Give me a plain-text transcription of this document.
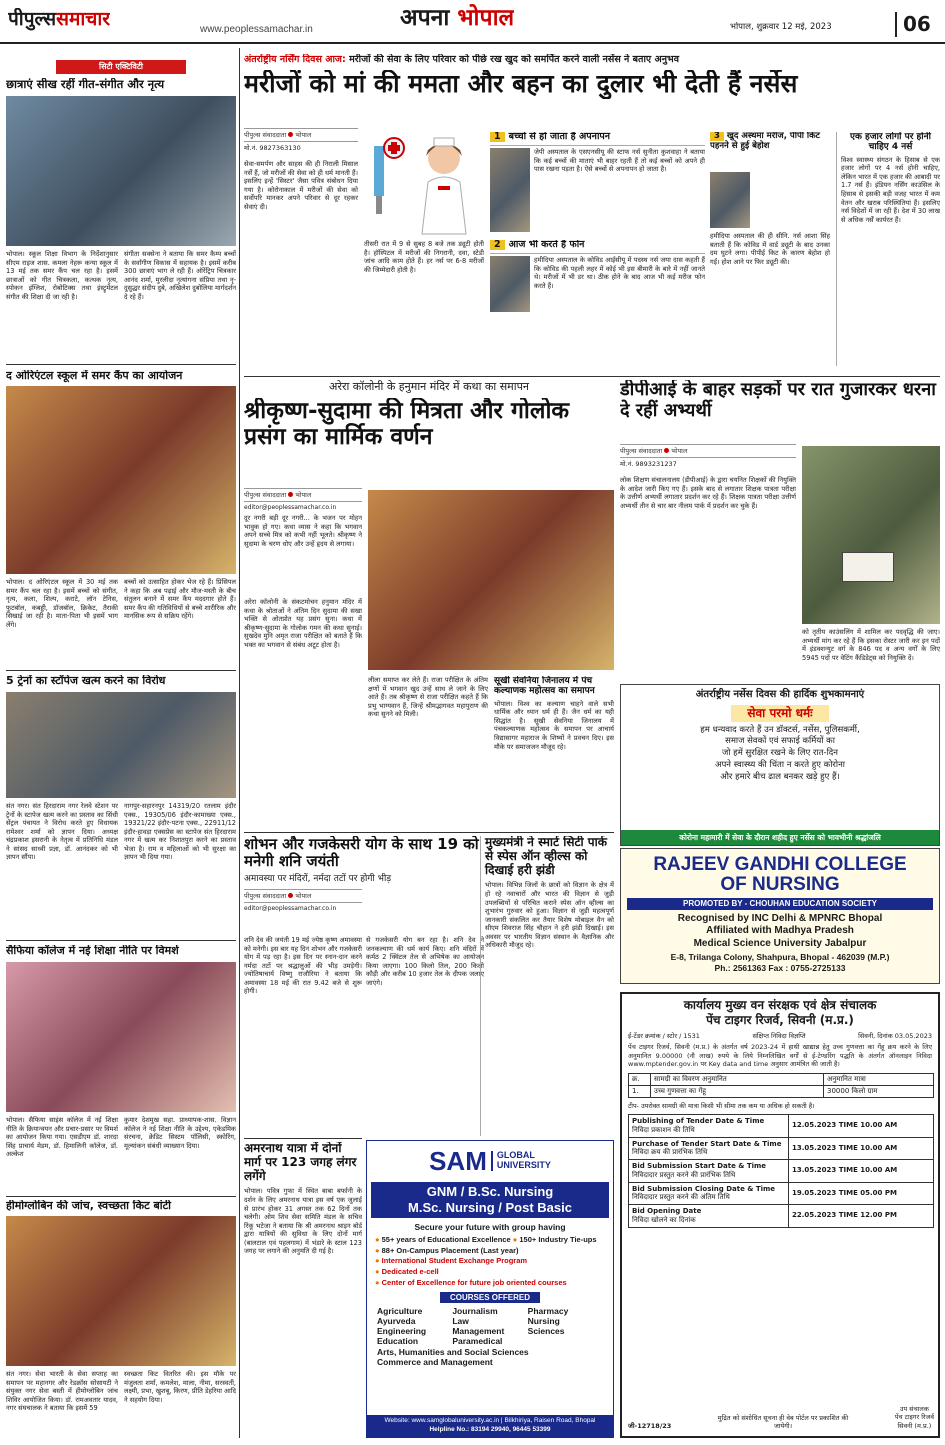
पीपुल्ससमाचार	www.peoplessamachar.in	अपना भोपाल	भोपाल, शुक्रवार 12 मई, 2023	06
सिटी एक्टिविटी
छात्राएं सीख रहीं गीत-संगीत और नृत्य
भोपाल। स्कूल शिक्षा विभाग के निर्देशानुसार सीएम राइज शास. कमला नेहरू कन्या स्कूल में 13 मई तक समर कैंप चल रहा है। इसमें छात्राओं को गीत चित्रकला, कत्थक नृत्य, स्पोकन इंग्लिश, रोबोटिक्स तथा इंस्ट्रूमेंटल संगीत की शिक्षा दी जा रही है।
संगीता सक्सेना ने बताया कि समर कैम्प बच्चों के सर्वांगीण विकास में सहायक है। इसमें करीब 300 छात्राएं भाग ले रही हैं। ऑरेंट्रिप चित्रकार आनंद शर्मा, मुरलीदा नृत्यांगना संप्रिया तथा नृ-दुसुद्धर संदीप दुबे, अखिलेश दुबोलिया मार्गदर्शन दे रहे हैं।
द ओरिएंटल स्कूल में समर कैंप का आयोजन
भोपाल। द ओरिएंटल स्कूल में 30 मई तक समर कैंप चल रहा है। इसमें बच्चों को संगीत, नृत्य, कला, शिल्प, कराटे, लॉन टेनिस, फुटबॉल, कबड्डी, डॉजबॉल, क्रिकेट, तैराकी सिखाई जा रही है। माता-पिता भी इसमें भाग लेंगे।
बच्चों को उत्साहित होकर भेज रहे हैं। प्रिंसिपल ने कहा कि अब पढ़ाई और मौज-मस्ती के बीच संतुलन बनाने में समर कैंप मददगार होते हैं। समर कैंप की गतिविधियों से बच्चे शारीरिक और मानसिक रूप से सक्रिय रहेंगे।
5 ट्रेनों का स्टॉपेज खत्म करने का विरोध
संत नगर। संत हिरदाराम नगर रेलवे स्टेशन पर ट्रेनों के स्टापेज खत्म करने का प्रस्ताव का सिंधी सेंट्रल पंचायत ने विरोध करते हुए विधायक रामेश्वर शर्मा को ज्ञापन दिया। अध्यक्ष चंद्रप्रकाश इसरानी के नेतृत्व में प्रतिनिधि मंडल ने सांसद साध्वी प्रज्ञा, डॉ. आनंदकर को भी ज्ञापन सौंपा।
नागपुर-सहारनपुर 14319/20 रतलाम इंदौर एक्स., 19305/06 इंदौर-कामाख्या एक्स., 19321/22 इंदौर-पटना एक्स., 22911/12 इंदौर-हावड़ा एक्सप्रेस का स्टापेज संत हिरदाराम नगर में खत्म कर निशातपुरा करने का प्रस्ताव भेजा है। राम व महिलाओं को भी सुरक्षा का ज्ञापन भी दिया गया।
सैफिया कॉलेज में नई शिक्षा नीति पर विमर्श
भोपाल। सैफिया साइंस कॉलेज में नई शिक्षा नीति के क्रियान्वयन और प्रचार-प्रसार पर विमर्श का आयोजन किया गया। एसडीएम डॉ. शारदा सिंह प्राचार्य मेडम, डॉ. हिमालिनी कॉलेज, डॉ. अल्केश
कुमार देशमुख सहा. प्राध्यापक-शास. विज्ञान कॉलेज ने नई शिक्षा नीति के उद्देश्य, एकेडमिक संरचना, क्रेडिट सिस्टम पॉलिसी, स्कोरिंग, मूल्यांकन संबंधी व्याख्यान दिया।
हीमोग्लोबिन की जांच, स्वच्छता किट बांटी
संत नगर। सेवा भारती के सेवा सप्ताह का समापन पर महानगर और रेडक्रॉस सोसायटी ने संयुक्त नगर सेवा बस्ती में हीमोग्लोबिन जांच शिविर आयोजित किया। डॉ. रामअवतार यादव, नगर संघचालक ने बताया कि इसमें 59
स्वच्छता किट वितरित की। इस मौके पर मंजुलता शर्मा, कमलेश, माला, नीमा, सरस्वती, लक्ष्मी, प्रभा, खुशबू, किरण, प्रीति डेहरिया आदि ने सहयोग दिया।
अंतर्राष्ट्रीय नर्सिंग दिवस आज: मरीजों की सेवा के लिए परिवार को पीछे रख खुद को समर्पित करने वाली नर्सेस ने बताए अनुभव
मरीजों को मां की ममता और बहन का दुलार भी देती हैं नर्सेस
पीपुल्स संवाददाता भोपाल
मो.नं. 9827363130
सेवा-समर्पण और साहस की ही निराली मिसाल नर्सें हैं, जो मरीजों की सेवा को ही धर्म मानती हैं। इसलिए इन्हें 'सिस्टर' जैसा पवित्र संबोधन दिया गया है। कोरोनाकाल में मरीजों की सेवा को सर्वोपरि मानकर अपने परिवार से दूर रहकर सेवाएं दी।
तीसरी रात में 9 से सुबह 8 बजे तक ड्यूटी होती है। हॉस्पिटल में मरीजों की निगरानी, दवा, स्टेडी जांच आदि काम होते हैं। हर नर्स पर 6-8 मरीजों की जिम्मेदारी होती है।
1 बच्चों से हो जाता है अपनापन
जेपी अस्पताल के एसएनसीयू की स्टाफ नर्स सुनीता कुशवाहा ने बताया कि कई बच्चों की माताएं भी बाहर रहती हैं तो कई बच्चों को अपने ही पास रखना पड़ता है। ऐसे बच्चों से अपनापन हो जाता है।
2 आज भी करते हैं फोन
हमीदिया अस्पताल के कोविड आईसीयू में पदस्थ नर्स जया दास कहती हैं कि कोविड की पहली लहर में कोई भी इस बीमारी के बारे में नहीं जानते थे। मरीजों में भी डर था। ठीक होने के बाद आज भी कई मरीज फोन करते हैं।
3 खुद अस्थमा मरीज, पीपी किट पहनने से हुई बेहोश
हमीदिया अस्पताल की ही सीनि. नर्स आशा सिंह बताती हैं कि कोविड में वार्ड ड्यूटी के बाद उनका दम घुटने लगा। पीपीई किट के कारण बेहोश हो गईं। होश आने पर फिर ड्यूटी की।
एक हजार लोगों पर होनी चाहिए 4 नर्स
विश्व स्वास्थ्य संगठन के हिसाब से एक हजार लोगों पर 4 नर्स होनी चाहिए, लेकिन भारत में एक हजार की आबादी पर 1.7 नर्स हैं। इंडियन नर्सिंग काउंसिल के हिसाब से इसकी बड़ी वजह भारत में कम वेतन और खराब परिस्थितियां हैं। इसलिए नर्स विदेशों में जा रही हैं। देश में 30 लाख से अधिक नर्सें कार्यरत हैं।
अरेरा कॉलोनी के हनुमान मंदिर में कथा का समापन
श्रीकृष्ण-सुदामा की मित्रता और गोलोक प्रसंग का मार्मिक वर्णन
पीपुल्स संवाददाता भोपाल
editor@peoplessamachar.co.in
दूर नगरी बड़ी दूर नगरी... के भजन पर मोहन भावुक हो गए। कथा व्यास ने कहा कि भगवान अपने सच्चे मित्र को कभी नहीं भूलते। श्रीकृष्ण ने सुदामा के चरण धोए और उन्हें हृदय से लगाया।
अरेरा कॉलोनी के संकटमोचन हनुमान मंदिर में कथा के श्रोताओं ने अंतिम दिन सुदामा की सखा भक्ति से ओतप्रोत यह प्रसंग सुना। कथा में श्रीकृष्ण-सुदामा के गोलोक गमन की कथा सुनाई। सुखदेव मुनि अमृत राजा परीक्षित को बताते हैं कि भक्त का भगवान से संबंध अटूट होता है।
लीला समाप्त कर लेते हैं। राजा परीक्षित के अंतिम क्षणों में भगवान खुद उन्हें साथ ले जाने के लिए आते हैं। तब श्रीकृष्ण से राजा परीक्षित कहते हैं कि प्रभु भाग्यवान हैं, जिन्हें श्रीमद्भागवत महापुराण की कथा सुनने को मिली।
सूखी सेवनिया जिनालय में पंच कल्याणक महोत्सव का समापन
भोपाल। विश्व का कल्याण चाहने वाले सभी धार्मिक और ध्यान धर्म ही हैं। जैन धर्म का यही सिद्धांत है। सूखी सेवनिया जिनालय में पंचकल्याणक महोत्सव के समापन पर आचार्य विद्यासागर महाराज के शिष्यों ने प्रवचन दिए। इस मौके पर समाजजन मौजूद रहे।
डीपीआई के बाहर सड़कों पर रात गुजारकर धरना दे रहीं अभ्यर्थी
पीपुल्स संवाददाता भोपाल
मो.नं. 9893231237
लोक शिक्षण संचालनालय (डीपीआई) के द्वारा चयनित शिक्षकों की नियुक्ति के आदेश जारी किए गए हैं। इसके बाद से लगातार शिक्षक पात्रता परीक्षा के उत्तीर्ण अभ्यर्थी लगातार प्रदर्शन कर रहे हैं। शिक्षक पात्रता परीक्षा उत्तीर्ण अभ्यर्थी तीन से चार बार नीलम पार्क में प्रदर्शन कर चुके हैं।
को तृतीय काउंसलिंग में शामिल कर पदवृद्धि की जाए। अभ्यर्थी मांग कर रहे हैं कि इसका रोस्टर जारी कर इन पदों में इंडक्शन्युट वर्ग के 846 पद व अन्य वर्गों के लिए 5945 पदों पर वेटिंग कैंडिडेट्स को नियुक्ति दें।
अंतर्राष्ट्रीय नर्सेस दिवस की हार्दिक शुभकामनाएं
सेवा परमो धर्मः
हम धन्यवाद करते हैं उन डॉक्टर्स, नर्सेस, पुलिसकर्मी,
समाज सेवकों एवं सफाई कर्मियों का
जो हमें सुरक्षित रखने के लिए रात-दिन
अपने स्वास्थ्य की चिंता न करते हुए कोरोना
और हमारे बीच ढाल बनकर खड़े हुए हैं।
कोरोना महामारी में सेवा के दौरान शहीद हुए नर्सेस को भावभीनी श्रद्धांजलि
RAJEEV GANDHI COLLEGE
OF NURSING
PROMOTED BY - CHOUHAN EDUCATION SOCIETY
Recognised by INC Delhi & MPNRC Bhopal
Affiliated with Madhya Pradesh
Medical Science University Jabalpur
E-8, Trilanga Colony, Shahpura, Bhopal - 462039 (M.P.)
Ph.: 2561363 Fax : 0755-2725133
शोभन और गजकेसरी योग के साथ 19 को मनेगी शनि जयंती
अमावस्या पर मंदिरों, नर्मदा तटों पर होगी भीड़
पीपुल्स संवाददाता भोपाल
editor@peoplessamachar.co.in
शनि देव की जयंती 19 मई ज्येष्ठ कृष्ण अमावस्या को मनेगी। इस बार यह दिन शोभन और गजकेसरी योग में पड़ रहा है। इस दिन पर स्नान-दान करने नर्मदा तटों पर श्रद्धालुओं की भीड़ उमड़ेगी। ज्योतिषाचार्य विष्णु राजौरिया ने बताया कि अमावस्या 18 मई की रात 9.42 बजे से शुरू होगी।
से गजकेसरी योग बन रहा है। शनि देव ने जनकल्याण की धर्म कार्य किए। शनि मंदिरों में कर्मठ 2 क्विंटल तेल से अभिषेक का आयोजन किया जाएगा। 100 किलो तिल, 200 किलो कौड़ी और करीब 10 हजार तेल के दीपक जलाए जाएंगे।
मुख्यमंत्री ने स्मार्ट सिटी पार्क से स्पेस ऑन व्हील्स को दिखाई हरी झंडी
भोपाल। विभिन्न जिलों के छात्रों को विज्ञान के क्षेत्र में हो रहे नवाचारों और भारत की विज्ञान से जुड़ी उपलब्धियों से परिचित कराने स्पेस ऑन व्हील्स का शुभारंभ गुरुवार को हुआ। विज्ञान से जुड़ी महत्वपूर्ण जानकारी संकलित कर तैयार विशेष मोबाइल वैन को सीएम शिवराज सिंह चौहान ने हरी झंडी दिखाई। इस अवसर पर भारतीय विज्ञान संस्थान के वैज्ञानिक और अधिकारी मौजूद रहे।
अमरनाथ यात्रा में दोनों मार्ग पर 123 जगह लंगर लगेंगे
भोपाल। पवित्र गुफा में स्थित बाबा बर्फानी के दर्शन के लिए अमरनाथ यात्रा इस वर्ष एक जुलाई से प्रारंभ होकर 31 अगस्त तक 62 दिनों तक चलेगी। ओम शिव सेवा समिति मंडल के सचिव रिंकू भटेजा ने बताया कि श्री अमरनाथ श्राइन बोर्ड द्वारा यात्रियों की सुविधा के लिए दोनों मार्ग (बालटाल एवं पहलगाम) में भंडारे के स्टाल 123 जगह पर लगाने की अनुमति दी गई है।
SAM GLOBAL
UNIVERSITY
GNM / B.Sc. Nursing
M.Sc. Nursing / Post Basic
Secure your future with group having
● 55+ years of Educational Excellence ● 150+ Industry Tie-ups
● 88+ On-Campus Placement (Last year)
● International Student Exchange Program
● Dedicated e-cell
● Center of Excellence for future job oriented courses
COURSES OFFERED
Agriculture	Journalism	Pharmacy
Ayurveda	Law	Nursing
Engineering	Management	Sciences
Education	Paramedical
Arts, Humanities and Social Sciences
Commerce and Management
Website: www.samglobaluniversity.ac.in | Bilkhiriya, Raisen Road, Bhopal
Helpline No.: 83194 29940, 96445 53399
कार्यालय मुख्य वन संरक्षक एवं क्षेत्र संचालक
पेंच टाइगर रिजर्व, सिवनी (म.प्र.)
ई-टेंडर क्रमांक / स्टोर / 1531	संक्षिप्त निविदा विज्ञप्ति	सिवनी, दिनांक 03.05.2023
पेंच टाइगर रिजर्व, सिवनी (म.प्र.) के अंतर्गत वर्ष 2023-24 में हाथी खाद्यान्न हेतु उच्च गुणवत्ता का गेंहू क्रय करने के लिए अनुमानित 9.00000 (नौ लाख) रुपये के लिये निम्नलिखित वर्गों से ई-टेण्डरिंग पद्धति के अंतर्गत ऑनलाइन निविदा www.mptender.gov.in पर Key data and time अनुसार आमंत्रित की जाती है।
क्र.	सामग्री का विवरण अनुमानित	अनुमानित मात्रा
1.	उच्च गुणवत्ता का गेंहू	30000 किलो ग्राम
टीप- उपरोक्त सामग्री की मात्रा किसी भी सीमा तक कम या अधिक हो सकती है।
Publishing of Tender Date & Time
निविदा प्रकाशन की तिथि	12.05.2023 TIME 10.00 AM

Purchase of Tender Start Date & Time
निविदा क्रय की प्रारंभिक तिथि	13.05.2023 TIME 10.00 AM

Bid Submission Start Date & Time
निविदादार प्रस्तुत करने की प्रारंभिक तिथि	13.05.2023 TIME 10.00 AM

Bid Submission Closing Date & Time
निविदादार प्रस्तुत करने की अंतिम तिथि	19.05.2023 TIME 05.00 PM

Bid Opening Date
निविदा खोलने का दिनांक	22.05.2023 TIME 12.00 PM
जी-12718/23
मुद्रित को संशोधित सूचना ही वेब पोर्टल पर प्रकाशित की जायेगी।
उप संचालक
पेंच टाइगर रिजर्व
सिवनी (म.प्र.)
